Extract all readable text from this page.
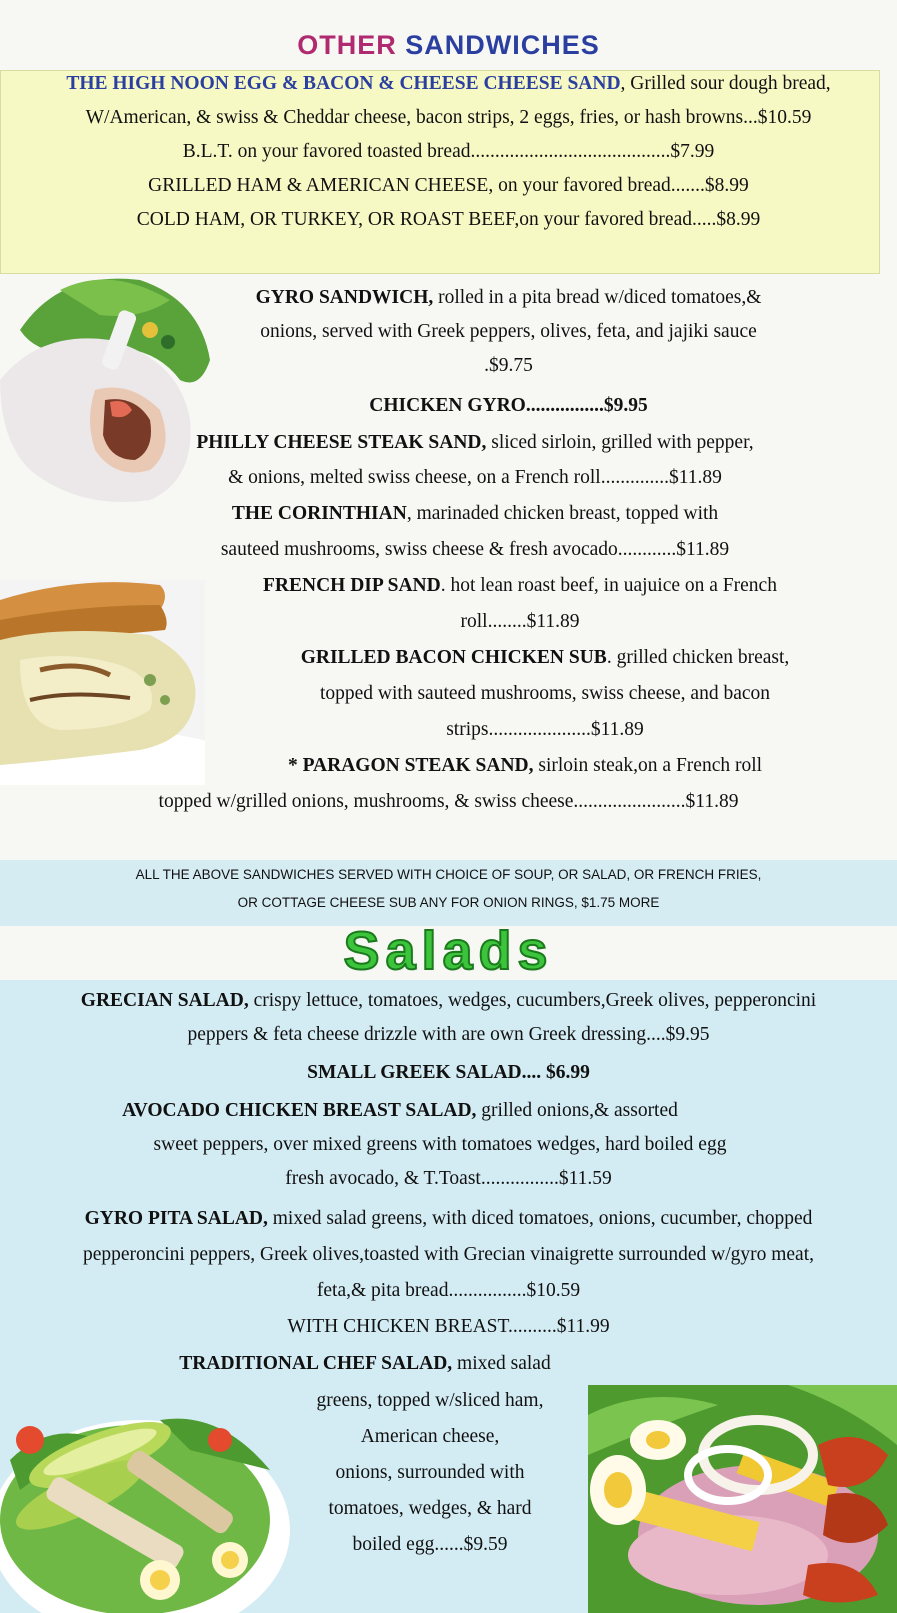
OTHER SANDWICHES
THE HIGH NOON EGG & BACON & CHEESE CHEESE SAND, Grilled sour dough bread,
W/American, & swiss & Cheddar cheese, bacon strips, 2 eggs, fries, or hash browns...$10.59
B.L.T. on your favored toasted bread.........................................$7.99
GRILLED HAM & AMERICAN CHEESE, on your favored bread.......$8.99
COLD HAM, OR TURKEY, OR ROAST BEEF,on your favored bread.....$8.99
GYRO SANDWICH, rolled in a pita bread w/diced tomatoes,&
onions, served with Greek peppers, olives, feta, and jajiki sauce
.$9.75
CHICKEN GYRO................$9.95
PHILLY CHEESE STEAK SAND, sliced sirloin, grilled with pepper,
& onions, melted swiss cheese, on a French roll..............$11.89
THE CORINTHIAN, marinaded chicken breast, topped with
sauteed mushrooms, swiss cheese & fresh avocado............$11.89
FRENCH DIP SAND. hot lean roast beef, in uajuice on a French
roll........$11.89
GRILLED BACON CHICKEN SUB. grilled chicken breast,
topped with sauteed mushrooms, swiss cheese, and bacon
strips.....................$11.89
* PARAGON STEAK SAND, sirloin steak,on a French roll
topped w/grilled onions, mushrooms, & swiss cheese.......................$11.89
ALL THE ABOVE SANDWICHES SERVED WITH CHOICE OF SOUP, OR SALAD, OR FRENCH FRIES,
OR COTTAGE CHEESE SUB ANY FOR ONION RINGS, $1.75 MORE
Salads
GRECIAN SALAD, crispy lettuce, tomatoes, wedges, cucumbers,Greek olives, pepperoncini
peppers & feta cheese drizzle with are own Greek dressing....$9.95
SMALL GREEK SALAD.... $6.99
AVOCADO CHICKEN BREAST SALAD, grilled onions,& assorted
sweet peppers, over mixed greens with tomatoes wedges, hard boiled egg
fresh avocado, & T.Toast................$11.59
GYRO PITA SALAD, mixed salad greens, with diced tomatoes, onions, cucumber, chopped
pepperoncini peppers, Greek olives,toasted with Grecian vinaigrette surrounded w/gyro meat,
feta,& pita bread................$10.59
WITH CHICKEN BREAST..........$11.99
TRADITIONAL CHEF SALAD, mixed salad
greens, topped w/sliced ham,
American cheese,
onions, surrounded with
tomatoes, wedges, & hard
boiled egg......$9.59
